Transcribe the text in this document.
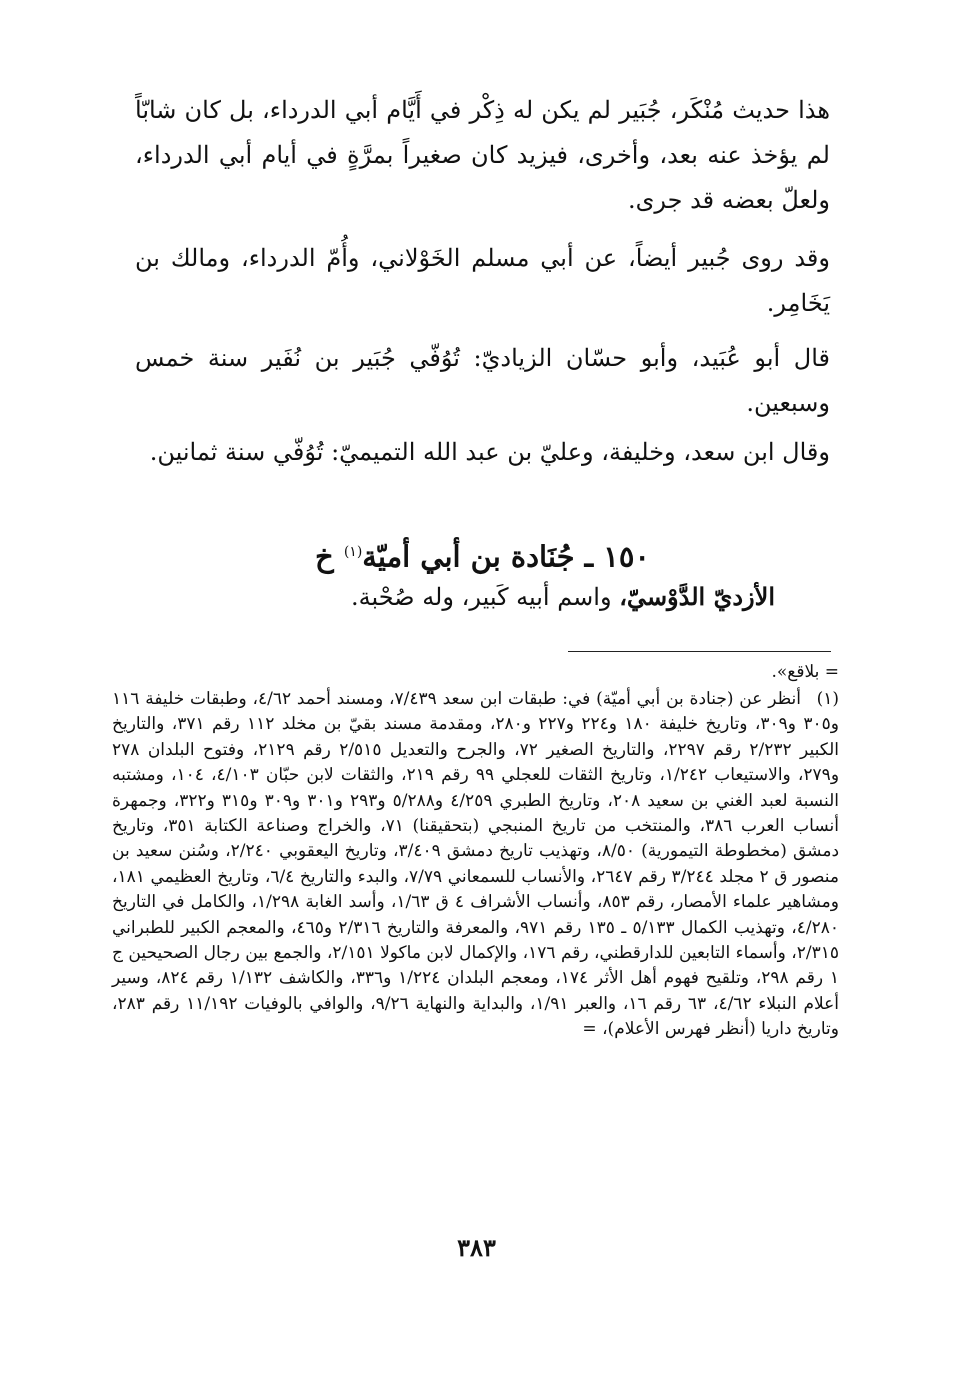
هذا حديث مُنْكَر، جُبَير لم يكن له ذِكْر في أَيَّام أبي الدرداء، بل كان شابّاً لم يؤخذ عنه بعد، وأخرى، فيزيد كان صغيراً بمرَّةٍ في أيام أبي الدرداء، ولعلّ بعضه قد جرى.

وقد روى جُبير أيضاً، عن أبي مسلم الخَوْلاني، وأُمّ الدرداء، ومالك بن يَخَامِر.

قال أبو عُبَيد، وأبو حسّان الزياديّ: تُوُفّي جُبَير بن نُفَير سنة خمس وسبعين.

وقال ابن سعد، وخليفة، وعليّ بن عبد الله التميميّ: تُوُفّي سنة ثمانين.

١٥٠ ـ جُنَادة بن أبي أميّة$^{(١)}$ خ

الأزديّ الدَّوْسيّ، واسم أبيه كَبير، وله صُحْبة.

= بلاقع».

(١)أنظر عن (جنادة بن أبي أميّة) في: طبقات ابن سعد ٧/٤٣٩، ومسند أحمد ٤/٦٢، وطبقات خليفة ١١٦ و٣٠٥ و٣٠٩، وتاريخ خليفة ١٨٠ و٢٢٤ و٢٢٧ و٢٨٠، ومقدمة مسند بقيّ بن مخلد ١١٢ رقم ٣٧١، والتاريخ الكبير ٢/٢٣٢ رقم ٢٢٩٧، والتاريخ الصغير ٧٢، والجرح والتعديل ٢/٥١٥ رقم ٢١٢٩، وفتوح البلدان ٢٧٨ و٢٧٩، والاستيعاب ١/٢٤٢، وتاريخ الثقات للعجلي ٩٩ رقم ٢١٩، والثقات لابن حبّان ٤/١٠٣، ١٠٤، ومشتبه النسبة لعبد الغني بن سعيد ٢٠٨، وتاريخ الطبري ٤/٢٥٩ و٥/٢٨٨ و٢٩٣ و٣٠١ و٣٠٩ و٣١٥ و٣٢٢، وجمهرة أنساب العرب ٣٨٦، والمنتخب من تاريخ المنبجي (بتحقيقنا) ٧١، والخراج وصناعة الكتابة ٣٥١، وتاريخ دمشق (مخطوطة التيمورية) ٨/٥٠، وتهذيب تاريخ دمشق ٣/٤٠٩، وتاريخ اليعقوبي ٢/٢٤٠، وسُنن سعيد بن منصور ق ٢ مجلد ٣/٢٤٤ رقم ٢٦٤٧، والأنساب للسمعاني ٧/٧٩، والبدء والتاريخ ٦/٤، وتاريخ العظيمي ١٨١، ومشاهير علماء الأمصار، رقم ٨٥٣، وأنساب الأشراف ٤ ق ١/٦٣، وأسد الغابة ١/٢٩٨، والكامل في التاريخ ٤/٢٨٠، وتهذيب الكمال ٥/١٣٣ ـ ١٣٥ رقم ٩٧١، والمعرفة والتاريخ ٢/٣١٦ و٤٦٥، والمعجم الكبير للطبراني ٢/٣١٥، وأسماء التابعين للدارقطني، رقم ١٧٦، والإكمال لابن ماكولا ٢/١٥١، والجمع بين رجال الصحيحين ج ١ رقم ٢٩٨، وتلقيح فهوم أهل الأثر ١٧٤، ومعجم البلدان ١/٢٢٤ و٣٣٦، والكاشف ١/١٣٢ رقم ٨٢٤، وسير أعلام النبلاء ٤/٦٢، ٦٣ رقم ١٦، والعبر ١/٩١، والبداية والنهاية ٩/٢٦، والوافي بالوفيات ١١/١٩٢ رقم ٢٨٣، وتاريخ داريا (أنظر فهرس الأعلام)، =

٣٨٣
